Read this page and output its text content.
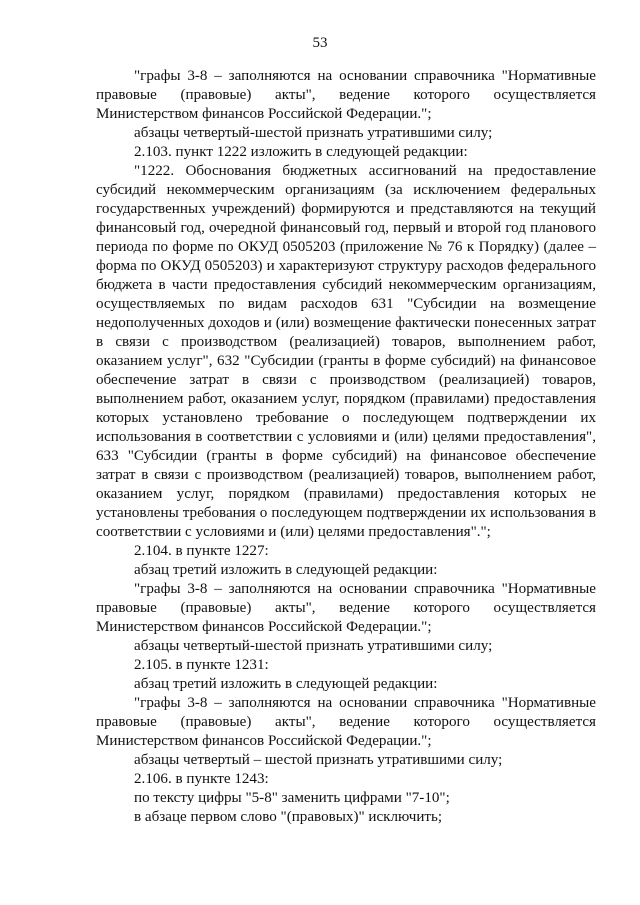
53

"графы 3-8 – заполняются на основании справочника "Нормативные правовые (правовые) акты", ведение которого осуществляется Министерством финансов Российской Федерации.";

абзацы четвертый-шестой признать утратившими силу;

2.103. пункт 1222 изложить в следующей редакции:

"1222. Обоснования бюджетных ассигнований на предоставление субсидий некоммерческим организациям (за исключением федеральных государственных учреждений) формируются и представляются на текущий финансовый год, очередной финансовый год, первый и второй год планового периода по форме по ОКУД 0505203 (приложение № 76 к Порядку) (далее – форма по ОКУД 0505203) и характеризуют структуру расходов федерального бюджета в части предоставления субсидий некоммерческим организациям, осуществляемых по видам расходов 631 "Субсидии на возмещение недополученных доходов и (или) возмещение фактически понесенных затрат в связи с производством (реализацией) товаров, выполнением работ, оказанием услуг", 632 "Субсидии (гранты в форме субсидий) на финансовое обеспечение затрат в связи с производством (реализацией) товаров, выполнением работ, оказанием услуг, порядком (правилами) предоставления которых установлено требование о последующем подтверждении их использования в соответствии с условиями и (или) целями предоставления", 633 "Субсидии (гранты в форме субсидий) на финансовое обеспечение затрат в связи с производством (реализацией) товаров, выполнением работ, оказанием услуг, порядком (правилами) предоставления которых не установлены требования о последующем подтверждении их использования в соответствии с условиями и (или) целями предоставления".";

2.104. в пункте 1227:

абзац третий изложить в следующей редакции:

"графы 3-8 – заполняются на основании справочника "Нормативные правовые (правовые) акты", ведение которого осуществляется Министерством финансов Российской Федерации.";

абзацы четвертый-шестой признать утратившими силу;

2.105. в пункте 1231:

абзац третий изложить в следующей редакции:

"графы 3-8 – заполняются на основании справочника "Нормативные правовые (правовые) акты", ведение которого осуществляется Министерством финансов Российской Федерации.";

абзацы четвертый – шестой признать утратившими силу;

2.106. в пункте 1243:

по тексту цифры "5-8" заменить цифрами "7-10";

в абзаце первом слово "(правовых)" исключить;
